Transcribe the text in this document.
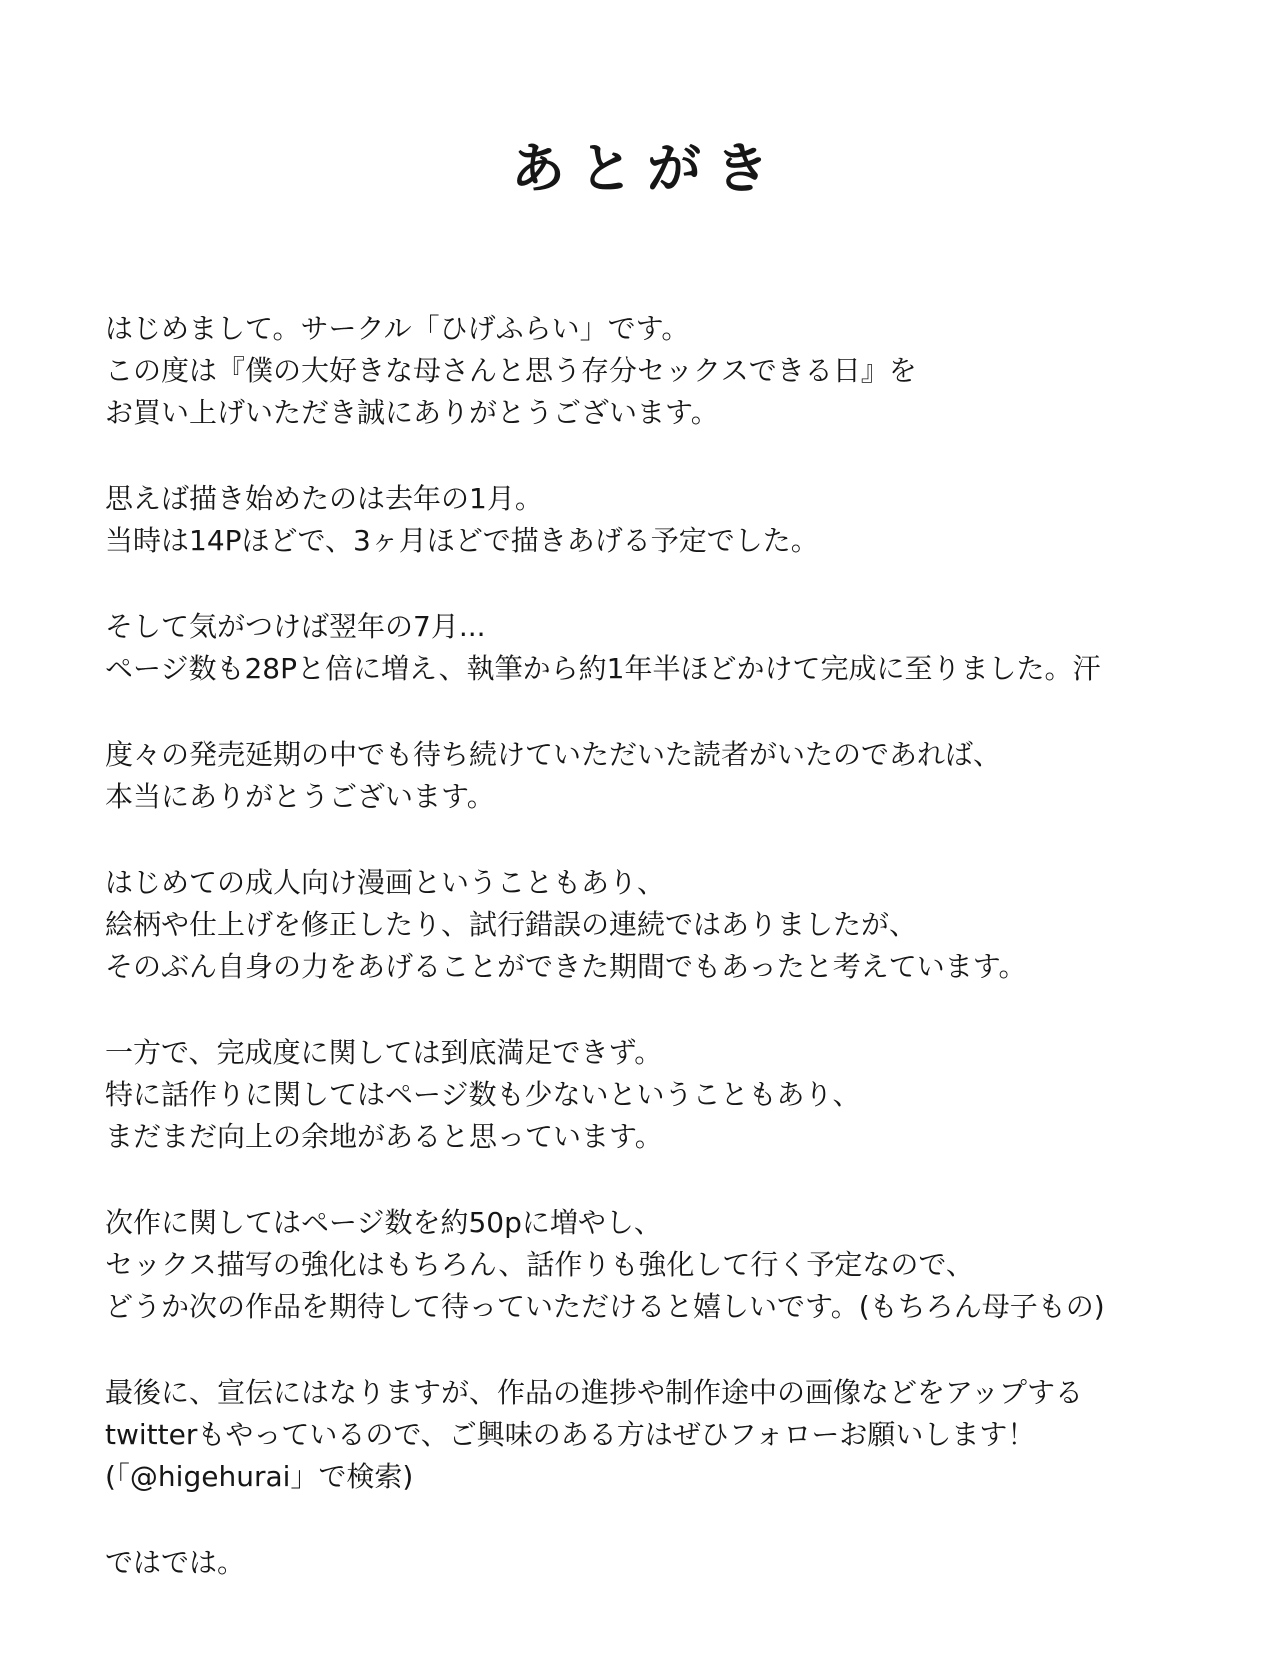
あとがき

はじめまして。サークル「ひげふらい」です。
この度は『僕の大好きな母さんと思う存分セックスできる日』を
お買い上げいただき誠にありがとうございます。

思えば描き始めたのは去年の1月。
当時は14Pほどで、3ヶ月ほどで描きあげる予定でした。

そして気がつけば翌年の7月...
ページ数も28Pと倍に増え、執筆から約1年半ほどかけて完成に至りました。汗

度々の発売延期の中でも待ち続けていただいた読者がいたのであれば、
本当にありがとうございます。

はじめての成人向け漫画ということもあり、
絵柄や仕上げを修正したり、試行錯誤の連続ではありましたが、
そのぶん自身の力をあげることができた期間でもあったと考えています。

一方で、完成度に関しては到底満足できず。
特に話作りに関してはページ数も少ないということもあり、
まだまだ向上の余地があると思っています。

次作に関してはページ数を約50pに増やし、
セックス描写の強化はもちろん、話作りも強化して行く予定なので、
どうか次の作品を期待して待っていただけると嬉しいです。(もちろん母子もの)

最後に、宣伝にはなりますが、作品の進捗や制作途中の画像などをアップする
twitterもやっているので、ご興味のある方はぜひフォローお願いします！
(「@higehurai」で検索)

ではでは。
